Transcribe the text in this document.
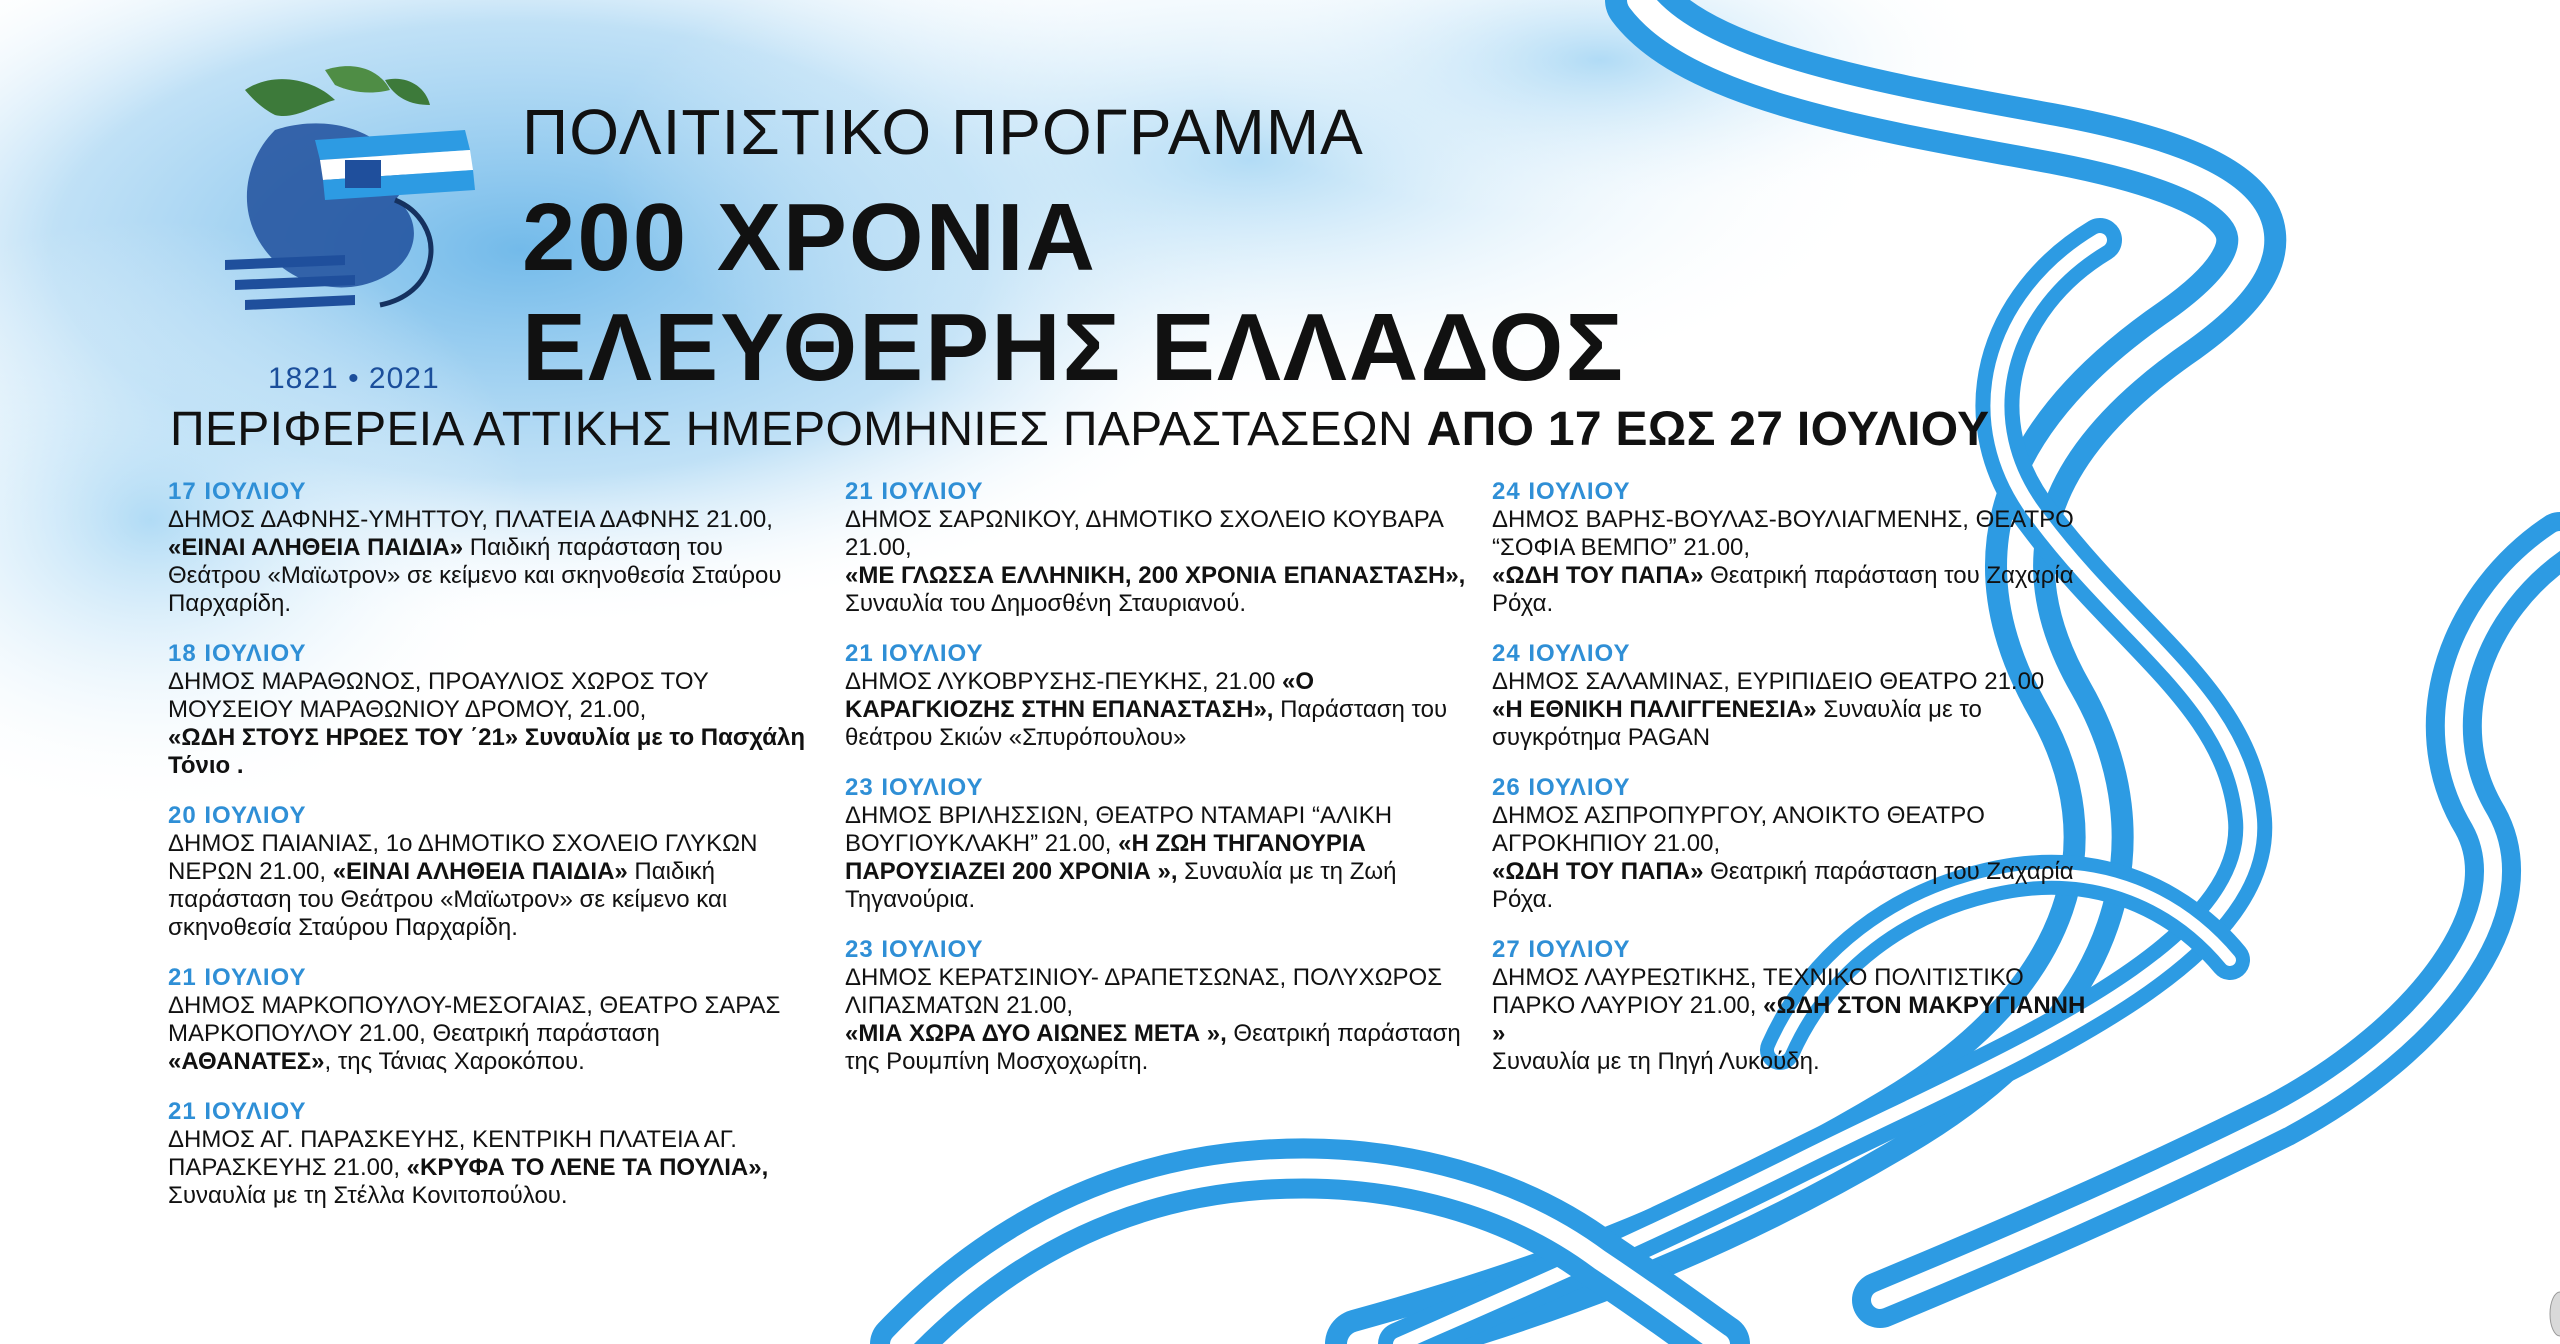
1821 • 2021
ΠΟΛΙΤΙΣΤΙΚΟ ΠΡΟΓΡΑΜΜΑ
200 ΧΡΟΝΙΑ
ΕΛΕΥΘΕΡΗΣ ΕΛΛΑΔΟΣ
ΠΕΡΙΦΕΡΕΙΑ ΑΤΤΙΚΗΣ ΗΜΕΡΟΜΗΝΙΕΣ ΠΑΡΑΣΤΑΣΕΩΝ ΑΠΟ 17 ΕΩΣ 27 ΙΟΥΛΙΟΥ
17 ΙΟΥΛΙΟΥ
ΔΗΜΟΣ ΔΑΦΝΗΣ-ΥΜΗΤΤΟΥ, ΠΛΑΤΕΙΑ ΔΑΦΝΗΣ 21.00,
«ΕΙΝΑΙ ΑΛΗΘΕΙΑ ΠΑΙΔΙΑ» Παιδική παράσταση του Θεάτρου «Μαϊωτρον» σε κείμενο και σκηνοθεσία Σταύρου Παρχαρίδη.
18 ΙΟΥΛΙΟΥ
ΔΗΜΟΣ ΜΑΡΑΘΩΝΟΣ, ΠΡΟΑΥΛΙΟΣ ΧΩΡΟΣ ΤΟΥ ΜΟΥΣΕΙΟΥ ΜΑΡΑΘΩΝΙΟΥ ΔΡΟΜΟΥ, 21.00,
«ΩΔΗ ΣΤΟΥΣ ΗΡΩΕΣ ΤΟΥ ΄21» Συναυλία με το Πασχάλη Τόνιο .
20 ΙΟΥΛΙΟΥ
ΔΗΜΟΣ ΠΑΙΑΝΙΑΣ, 1ο ΔΗΜΟΤΙΚΟ ΣΧΟΛΕΙΟ ΓΛΥΚΩΝ ΝΕΡΩΝ 21.00, «ΕΙΝΑΙ ΑΛΗΘΕΙΑ ΠΑΙΔΙΑ» Παιδική παράσταση του Θεάτρου «Μαϊωτρον» σε κείμενο και σκηνοθεσία Σταύρου Παρχαρίδη.
21 ΙΟΥΛΙΟΥ
ΔΗΜΟΣ ΜΑΡΚΟΠΟΥΛΟΥ-ΜΕΣΟΓΑΙΑΣ, ΘΕΑΤΡΟ ΣΑΡΑΣ ΜΑΡΚΟΠΟΥΛΟΥ 21.00, Θεατρική παράσταση «ΑΘΑΝΑΤΕΣ», της Τάνιας Χαροκόπου.
21 ΙΟΥΛΙΟΥ
ΔΗΜΟΣ ΑΓ. ΠΑΡΑΣΚΕΥΗΣ, ΚΕΝΤΡΙΚΗ ΠΛΑΤΕΙΑ ΑΓ. ΠΑΡΑΣΚΕΥΗΣ 21.00, «ΚΡΥΦΑ ΤΟ ΛΕΝΕ ΤΑ ΠΟΥΛΙΑ», Συναυλία με τη Στέλλα Κονιτοπούλου.
21 ΙΟΥΛΙΟΥ
ΔΗΜΟΣ ΣΑΡΩΝΙΚΟΥ, ΔΗΜΟΤΙΚΟ ΣΧΟΛΕΙΟ ΚΟΥΒΑΡΑ 21.00,
«ΜΕ ΓΛΩΣΣΑ ΕΛΛΗΝΙΚΗ, 200 ΧΡΟΝΙΑ ΕΠΑΝΑΣΤΑΣΗ», Συναυλία του Δημοσθένη Σταυριανού.
21 ΙΟΥΛΙΟΥ
ΔΗΜΟΣ ΛΥΚΟΒΡΥΣΗΣ-ΠΕΥΚΗΣ, 21.00 «Ο ΚΑΡΑΓΚΙΟΖΗΣ ΣΤΗΝ ΕΠΑΝΑΣΤΑΣΗ», Παράσταση του θεάτρου Σκιών «Σπυρόπουλου»
23 ΙΟΥΛΙΟΥ
ΔΗΜΟΣ ΒΡΙΛΗΣΣΙΩΝ, ΘΕΑΤΡΟ ΝΤΑΜΑΡΙ “ΑΛΙΚΗ ΒΟΥΓΙΟΥΚΛΑΚΗ” 21.00, «Η ΖΩΗ ΤΗΓΑΝΟΥΡΙΑ ΠΑΡΟΥΣΙΑΖΕΙ 200 ΧΡΟΝΙΑ », Συναυλία με τη Ζωή Τηγανούρια.
23 ΙΟΥΛΙΟΥ
ΔΗΜΟΣ ΚΕΡΑΤΣΙΝΙΟΥ- ΔΡΑΠΕΤΣΩΝΑΣ, ΠΟΛΥΧΩΡΟΣ ΛΙΠΑΣΜΑΤΩΝ 21.00,
«ΜΙΑ ΧΩΡΑ ΔΥΟ ΑΙΩΝΕΣ ΜΕΤΑ », Θεατρική παράσταση της Ρουμπίνη Μοσχοχωρίτη.
24 ΙΟΥΛΙΟΥ
ΔΗΜΟΣ ΒΑΡΗΣ-ΒΟΥΛΑΣ-ΒΟΥΛΙΑΓΜΕΝΗΣ, ΘΕΑΤΡΟ “ΣΟΦΙΑ ΒΕΜΠΟ” 21.00,
«ΩΔΗ ΤΟΥ ΠΑΠΑ» Θεατρική παράσταση του Ζαχαρία Ρόχα.
24 ΙΟΥΛΙΟΥ
ΔΗΜΟΣ ΣΑΛΑΜΙΝΑΣ, ΕΥΡΙΠΙΔΕΙΟ ΘΕΑΤΡΟ 21.00
«Η ΕΘΝΙΚΗ ΠΑΛΙΓΓΕΝΕΣΙΑ» Συναυλία με το συγκρότημα PAGAN
26 ΙΟΥΛΙΟΥ
ΔΗΜΟΣ ΑΣΠΡΟΠΥΡΓΟΥ, ΑΝΟΙΚΤΟ ΘΕΑΤΡΟ ΑΓΡΟΚΗΠΙΟΥ 21.00,
«ΩΔΗ ΤΟΥ ΠΑΠΑ» Θεατρική παράσταση του Ζαχαρία Ρόχα.
27 ΙΟΥΛΙΟΥ
ΔΗΜΟΣ ΛΑΥΡΕΩΤΙΚΗΣ, ΤΕΧΝΙΚΟ ΠΟΛΙΤΙΣΤΙΚΟ ΠΑΡΚΟ ΛΑΥΡΙΟΥ 21.00, «ΩΔΗ ΣΤΟΝ ΜΑΚΡΥΓΙΑΝΝΗ »
Συναυλία με τη Πηγή Λυκούδη.
